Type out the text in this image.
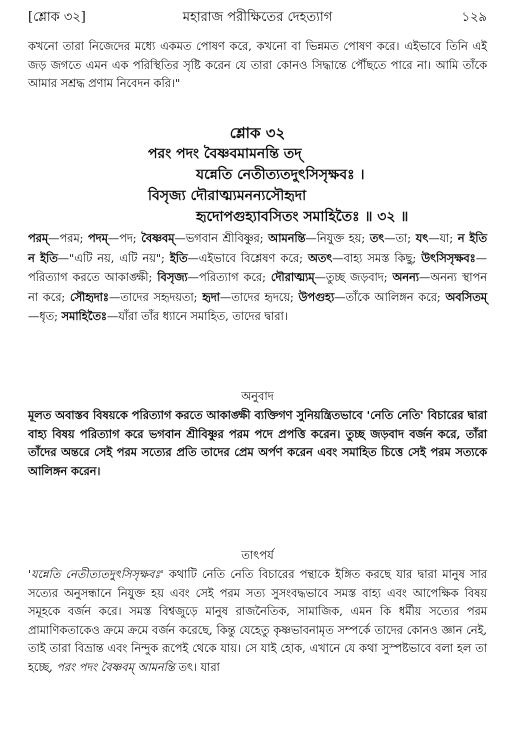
[শ্লোক ৩২]	মহারাজ পরীক্ষিতের দেহত্যাগ	১২৯

কখনো তারা নিজেদের মধ্যে একমত পোষণ করে, কখনো বা ভিন্নমত পোষণ করে। এইভাবে তিনি এই জড় জগতে এমন এক পরিস্থিতির সৃষ্টি করেন যে তারা কোনও সিদ্ধান্তে পৌঁছতে পারে না। আমি তাঁকে আমার সশ্রদ্ধ প্রণাম নিবেদন করি।"

শ্লোক ৩২
পরং পদং বৈষ্ণবমামনন্তি তদ্
যন্নেতি নেতীত্যতদুৎসিসৃক্ষবঃ ।
বিসৃজ্য দৌরাত্ম্যমনন্যসৌহৃদা
হৃদোপগুহ্যাবসিতং সমাহিতৈঃ ॥ ৩২ ॥

পরম্—পরম; পদম্—পদ; বৈষ্ণবম্—ভগবান শ্রীবিষ্ণুর; আমনন্তি—নিযুক্ত হয়; তৎ—তা; যৎ—যা; ন ইতি ন ইতি—"এটি নয়, এটি নয়"; ইতি—এইভাবে বিশ্লেষণ করে; অতৎ—বাহ্য সমস্ত কিছু; উৎসিসৃক্ষবঃ—পরিত্যাগ করতে আকাঙ্ক্ষী; বিসৃজ্য—পরিত্যাগ করে; দৌরাত্ম্যম্—তুচ্ছ জড়বাদ; অনন্য—অনন্য স্থাপন না করে; সৌহৃদাঃ—তাদের সহৃদয়তা; হৃদা—তাদের হৃদয়ে; উপগুহ্য—তাঁকে আলিঙ্গন করে; অবসিতম্—ধৃত; সমাহিতৈঃ—যাঁরা তাঁর ধ্যানে সমাহিত, তাদের দ্বারা।

অনুবাদ

মূলত অবাস্তব বিষয়কে পরিত্যাগ করতে আকাঙ্ক্ষী ব্যক্তিগণ সুনিয়ন্ত্রিতভাবে 'নেতি নেতি' বিচারের দ্বারা বাহ্য বিষয় পরিত্যাগ করে ভগবান শ্রীবিষ্ণুর পরম পদে প্রপত্তি করেন। তুচ্ছ জড়বাদ বর্জন করে, তাঁরা তাঁদের অন্তরে সেই পরম সত্যের প্রতি তাদের প্রেম অর্পণ করেন এবং সমাহিত চিত্তে সেই পরম সত্যকে আলিঙ্গন করেন।

তাৎপর্য

'যন্নেতি নেতীত্যতদুৎসিসৃক্ষবঃ' কথাটি নেতি নেতি বিচারের পন্থাকে ইঙ্গিত করছে যার দ্বারা মানুষ সার সত্যের অনুসন্ধানে নিযুক্ত হয় এবং সেই পরম সত্য সুসংবদ্ধভাবে সমস্ত বাহ্য এবং আপেক্ষিক বিষয় সমূহকে বর্জন করে। সমস্ত বিশ্বজুড়ে মানুষ রাজনৈতিক, সামাজিক, এমন কি ধর্মীয় সত্যের পরম প্রামাণিকতাকেও ক্রমে ক্রমে বর্জন করেছে, কিন্তু যেহেতু কৃষ্ণভাবনামৃত সম্পর্কে তাদের কোনও জ্ঞান নেই, তাই তারা বিভ্রান্ত এবং নিন্দুক রূপেই থেকে যায়। সে যাই হোক, এখানে যে কথা সুস্পষ্টভাবে বলা হল তা হচ্ছে, পরং পদং বৈষ্ণবম্ আমনন্তি তৎ। যারা
